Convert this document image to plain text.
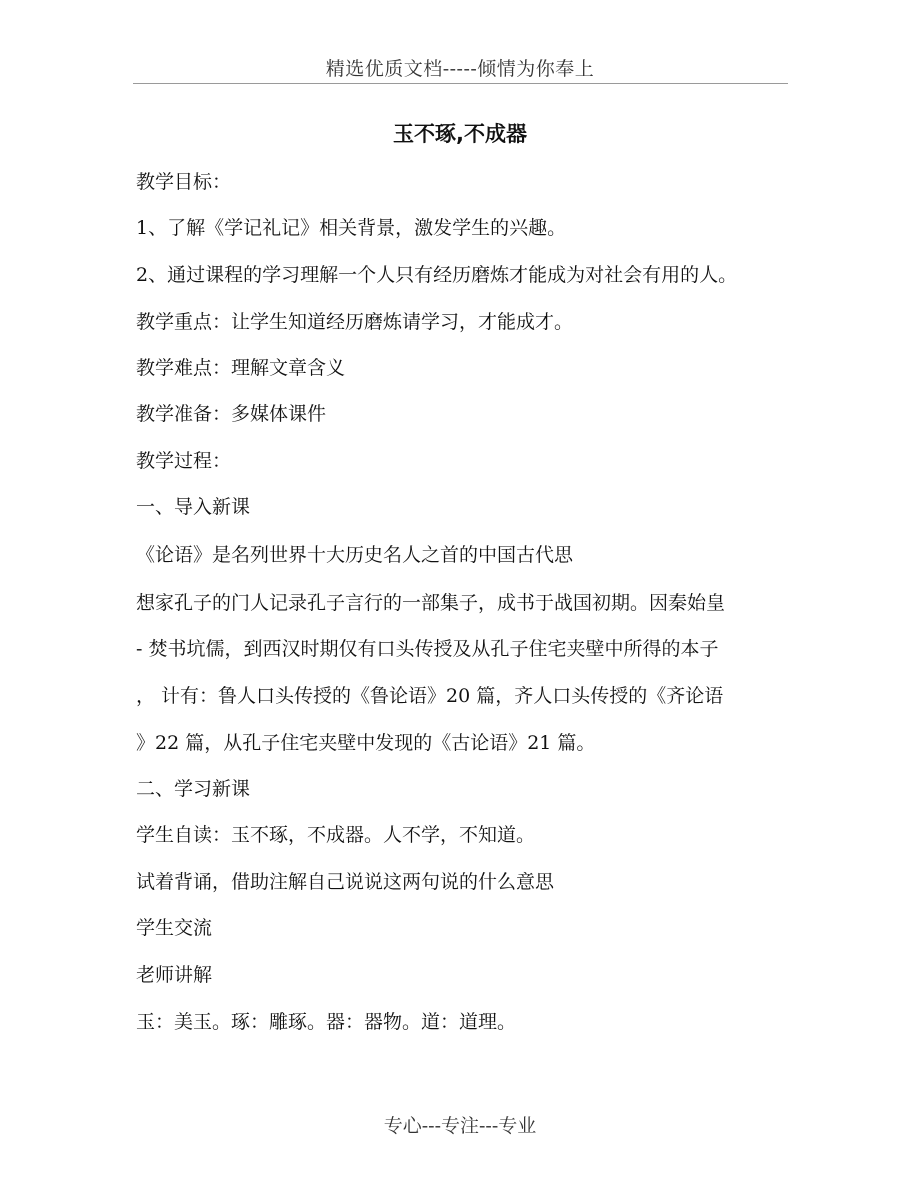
精选优质文档-----倾情为你奉上
玉不琢,不成器
教学目标：
1、了解《学记礼记》相关背景，激发学生的兴趣。
2、通过课程的学习理解一个人只有经历磨炼才能成为对社会有用的人。
教学重点：让学生知道经历磨炼请学习，才能成才。
教学难点：理解文章含义
教学准备：多媒体课件
教学过程：
一、导入新课
《论语》是名列世界十大历史名人之首的中国古代思
想家孔子的门人记录孔子言行的一部集子，成书于战国初期。因秦始皇
- 焚书坑儒，到西汉时期仅有口头传授及从孔子住宅夹壁中所得的本子
， 计有：鲁人口头传授的《鲁论语》20 篇，齐人口头传授的《齐论语
》22 篇，从孔子住宅夹壁中发现的《古论语》21 篇。
二、学习新课
学生自读：玉不琢，不成器。人不学，不知道。
试着背诵，借助注解自己说说这两句说的什么意思
学生交流
老师讲解
玉：美玉。琢：雕琢。器：器物。道：道理。
专心---专注---专业
